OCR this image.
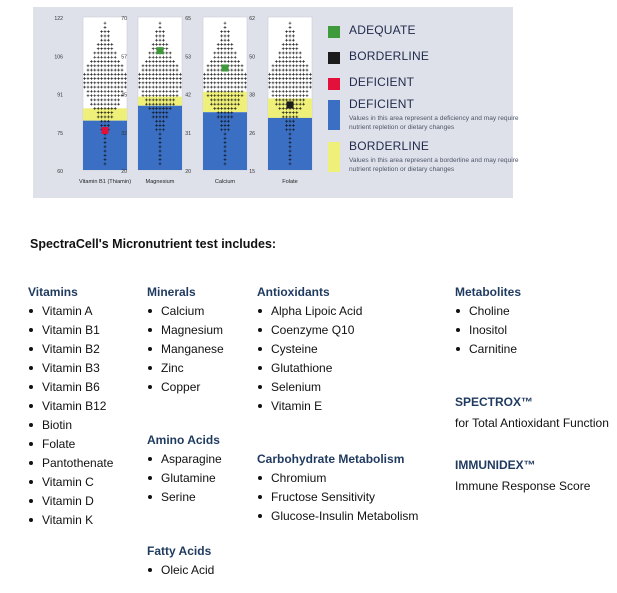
122
106
91
75
60
Vitamin B1 (Thiamin)
70
57
45
32
20
Magnesium
65
53
42
31
20
Calcium
62
50
38
26
15
Folate
ADEQUATE
BORDERLINE
DEFICIENT
DEFICIENT
Values in this area represent a deficiency and may require nutrient repletion or dietary changes
BORDERLINE
Values in this area represent a borderline and may require nutrient repletion or dietary changes
SpectraCell's Micronutrient test includes:
Vitamins
Vitamin A
Vitamin B1
Vitamin B2
Vitamin B3
Vitamin B6
Vitamin B12
Biotin
Folate
Pantothenate
Vitamin C
Vitamin D
Vitamin K
Minerals
Calcium
Magnesium
Manganese
Zinc
Copper
Amino Acids
Asparagine
Glutamine
Serine
Fatty Acids
Oleic Acid
Antioxidants
Alpha Lipoic Acid
Coenzyme Q10
Cysteine
Glutathione
Selenium
Vitamin E
Carbohydrate Metabolism
Chromium
Fructose Sensitivity
Glucose-Insulin Metabolism
Metabolites
Choline
Inositol
Carnitine
SPECTROX™
for Total Antioxidant Function
IMMUNIDEX™
Immune Response Score
